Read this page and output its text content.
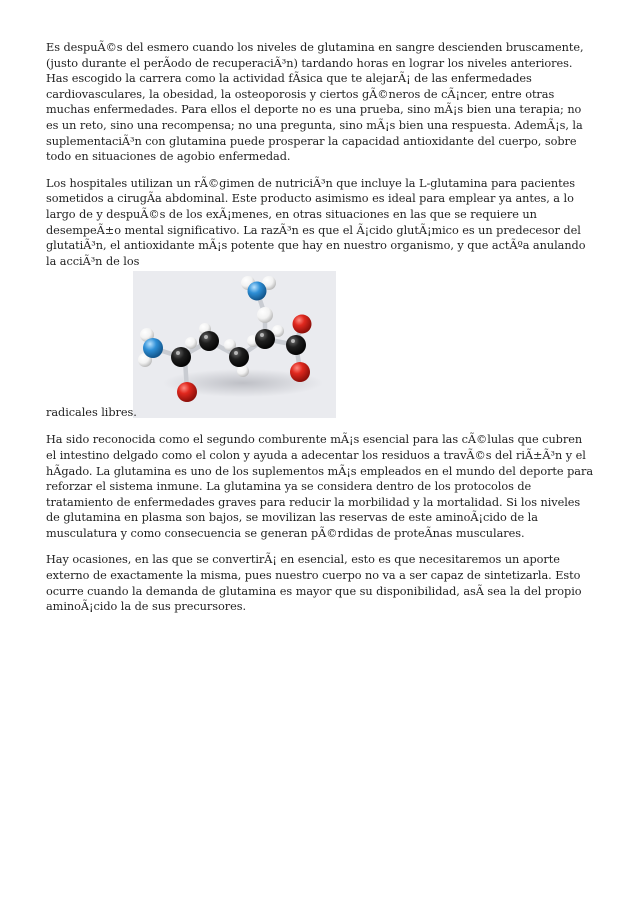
Es despuÃ©s del esmero cuando los niveles de glutamina en sangre descienden bruscamente, (justo durante el perÃodo de recuperaciÃ³n) tardando horas en lograr los niveles anteriores. Has escogido la carrera como la actividad fÃsica que te alejarÃ¡ de las enfermedades cardiovasculares, la obesidad, la osteoporosis y ciertos gÃ©neros de cÃ¡ncer, entre otras muchas enfermedades. Para ellos el deporte no es una prueba, sino mÃ¡s bien una terapia; no es un reto, sino una recompensa; no una pregunta, sino mÃ¡s bien una respuesta. AdemÃ¡s, la suplementaciÃ³n con glutamina puede prosperar la capacidad antioxidante del cuerpo, sobre todo en situaciones de agobio enfermedad.

Los hospitales utilizan un rÃ©gimen de nutriciÃ³n que incluye la L-glutamina para pacientes sometidos a cirugÃa abdominal. Este producto asimismo es ideal para emplear ya antes, a lo largo de y despuÃ©s de los exÃ¡menes, en otras situaciones en las que se requiere un desempeÃ±o mental significativo. La razÃ³n es que el Ã¡cido glutÃ¡mico es un predecesor del glutatiÃ³n, el antioxidante mÃ¡s potente que hay en nuestro organismo, y que actÃºa anulando la acciÃ³n de los

radicales libres.

Ha sido reconocida como el segundo comburente mÃ¡s esencial para las cÃ©lulas que cubren el intestino delgado como el colon y ayuda a adecentar los residuos a travÃ©s del riÃ±Ã³n y el hÃgado. La glutamina es uno de los suplementos mÃ¡s empleados en el mundo del deporte para reforzar el sistema inmune. La glutamina ya se considera dentro de los protocolos de tratamiento de enfermedades graves para reducir la morbilidad y la mortalidad. Si los niveles de glutamina en plasma son bajos, se movilizan las reservas de este aminoÃ¡cido de la musculatura y como consecuencia se generan pÃ©rdidas de proteÃnas musculares.

Hay ocasiones, en las que se convertirÃ¡ en esencial, esto es que necesitaremos un aporte externo de exactamente la misma, pues nuestro cuerpo no va a ser capaz de sintetizarla. Esto ocurre cuando la demanda de glutamina es mayor que su disponibilidad, asÃ sea la del propio aminoÃ¡cido la de sus precursores.
